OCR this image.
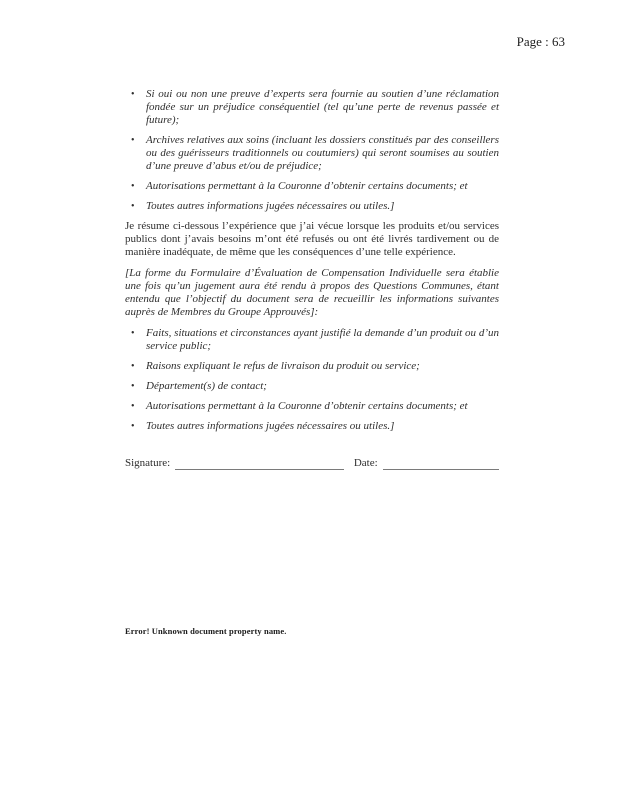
Page : 63
• Si oui ou non une preuve d’experts sera fournie au soutien d’une réclamation fondée sur un préjudice conséquentiel (tel qu’une perte de revenus passée et future);
• Archives relatives aux soins (incluant les dossiers constitués par des conseillers ou des guérisseurs traditionnels ou coutumiers) qui seront soumises au soutien d’une preuve d’abus et/ou de préjudice;
• Autorisations permettant à la Couronne d’obtenir certains documents; et
• Toutes autres informations jugées nécessaires ou utiles.]

Je résume ci-dessous l’expérience que j’ai vécue lorsque les produits et/ou services publics dont j’avais besoins m’ont été refusés ou ont été livrés tardivement ou de manière inadéquate, de même que les conséquences d’une telle expérience.

[La forme du Formulaire d’Évaluation de Compensation Individuelle sera établie une fois qu’un jugement aura été rendu à propos des Questions Communes, étant entendu que l’objectif du document sera de recueillir les informations suivantes auprès de Membres du Groupe Approuvés]:

• Faits, situations et circonstances ayant justifié la demande d’un produit ou d’un service public;
• Raisons expliquant le refus de livraison du produit ou service;
• Département(s) de contact;
• Autorisations permettant à la Couronne d’obtenir certains documents; et
• Toutes autres informations jugées nécessaires ou utiles.]
Signature:	Date:
Error! Unknown document property name.
